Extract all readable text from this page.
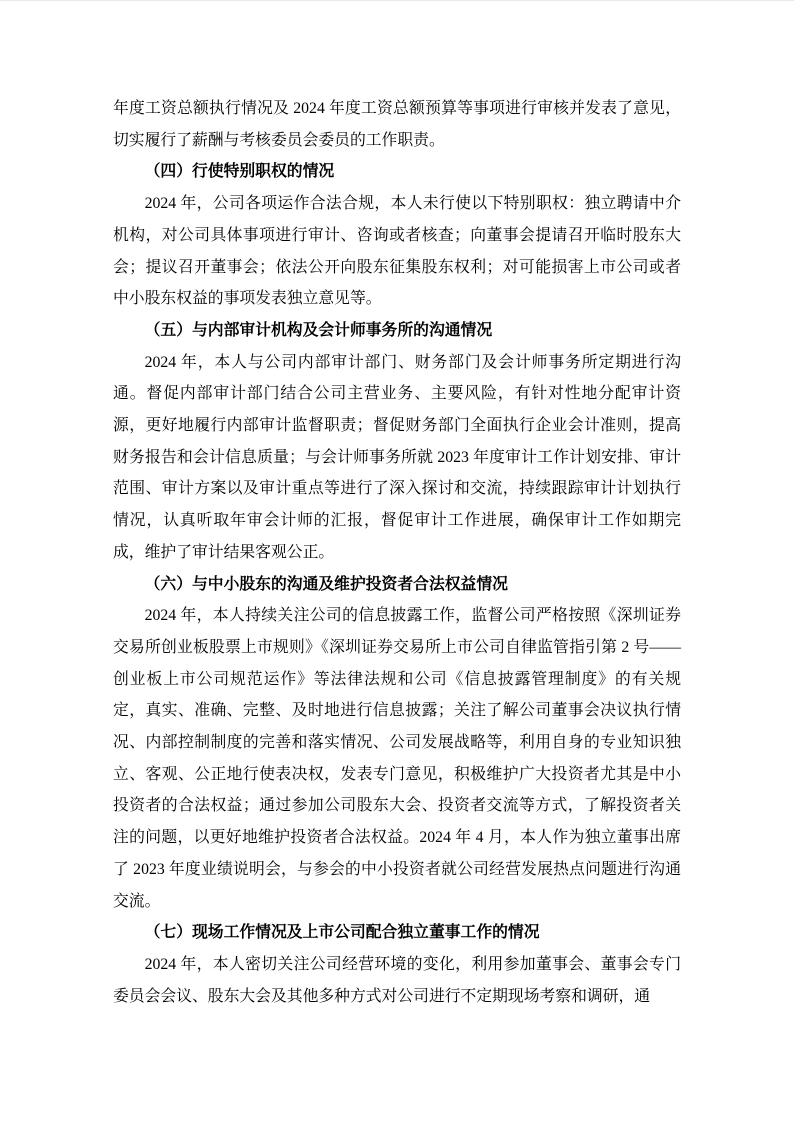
年度工资总额执行情况及 2024 年度工资总额预算等事项进行审核并发表了意见，切实履行了薪酬与考核委员会委员的工作职责。

（四）行使特别职权的情况

2024 年，公司各项运作合法合规，本人未行使以下特别职权：独立聘请中介机构，对公司具体事项进行审计、咨询或者核查；向董事会提请召开临时股东大会；提议召开董事会；依法公开向股东征集股东权利；对可能损害上市公司或者中小股东权益的事项发表独立意见等。

（五）与内部审计机构及会计师事务所的沟通情况

2024 年，本人与公司内部审计部门、财务部门及会计师事务所定期进行沟通。督促内部审计部门结合公司主营业务、主要风险，有针对性地分配审计资源，更好地履行内部审计监督职责；督促财务部门全面执行企业会计准则，提高财务报告和会计信息质量；与会计师事务所就 2023 年度审计工作计划安排、审计范围、审计方案以及审计重点等进行了深入探讨和交流，持续跟踪审计计划执行情况，认真听取年审会计师的汇报，督促审计工作进展，确保审计工作如期完成，维护了审计结果客观公正。

（六）与中小股东的沟通及维护投资者合法权益情况

2024 年，本人持续关注公司的信息披露工作，监督公司严格按照《深圳证券交易所创业板股票上市规则》《深圳证券交易所上市公司自律监管指引第 2 号——创业板上市公司规范运作》等法律法规和公司《信息披露管理制度》的有关规定，真实、准确、完整、及时地进行信息披露；关注了解公司董事会决议执行情况、内部控制制度的完善和落实情况、公司发展战略等，利用自身的专业知识独立、客观、公正地行使表决权，发表专门意见，积极维护广大投资者尤其是中小投资者的合法权益；通过参加公司股东大会、投资者交流等方式，了解投资者关注的问题，以更好地维护投资者合法权益。2024 年 4 月，本人作为独立董事出席了 2023 年度业绩说明会，与参会的中小投资者就公司经营发展热点问题进行沟通交流。

（七）现场工作情况及上市公司配合独立董事工作的情况

2024 年，本人密切关注公司经营环境的变化，利用参加董事会、董事会专门委员会会议、股东大会及其他多种方式对公司进行不定期现场考察和调研，通
